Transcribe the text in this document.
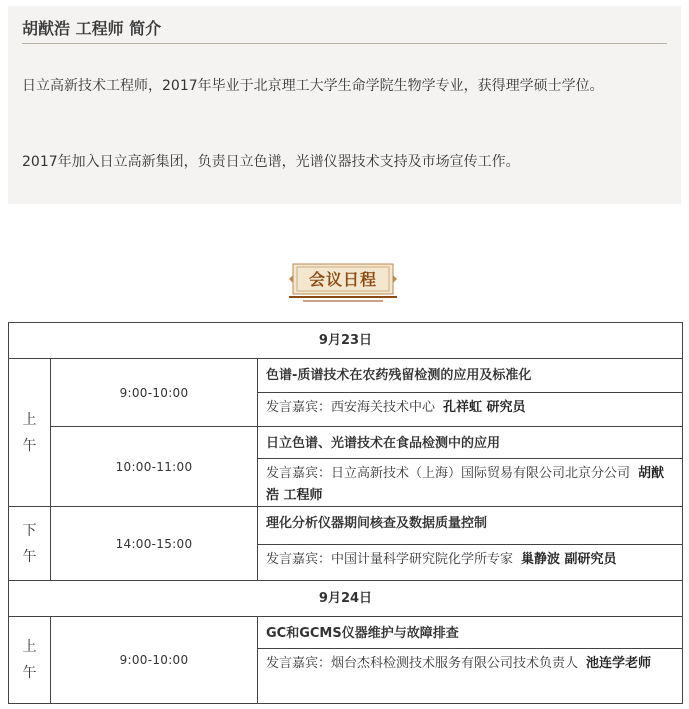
胡猷浩 工程师 简介
日立高新技术工程师，2017年毕业于北京理工大学生命学院生物学专业，获得理学硕士学位。
2017年加入日立高新集团，负责日立色谱，光谱仪器技术支持及市场宣传工作。
会议日程
9月23日
上午
9:00-10:00
色谱-质谱技术在农药残留检测的应用及标准化
发言嘉宾：西安海关技术中心 孔祥虹 研究员
10:00-11:00
日立色谱、光谱技术在食品检测中的应用
发言嘉宾：日立高新技术（上海）国际贸易有限公司北京分公司 胡猷浩 工程师
下午
14:00-15:00
理化分析仪器期间核查及数据质量控制
发言嘉宾：中国计量科学研究院化学所专家 巢静波 副研究员
9月24日
上午
9:00-10:00
GC和GCMS仪器维护与故障排查
发言嘉宾：烟台杰科检测技术服务有限公司技术负责人 池连学老师
